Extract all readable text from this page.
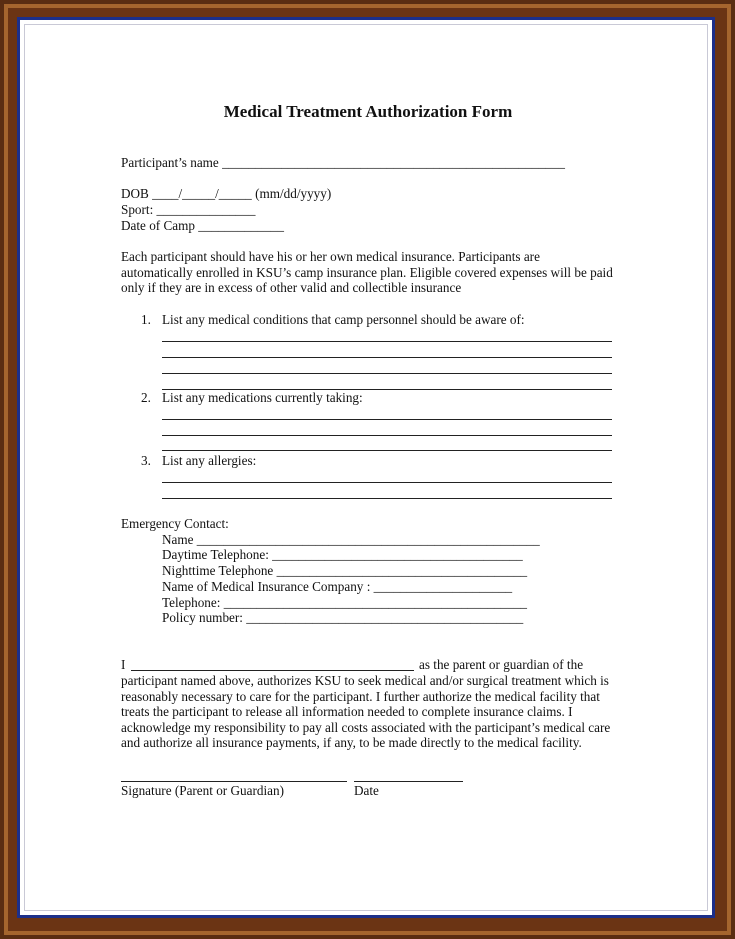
Medical Treatment Authorization Form
Participant’s name ____________________________________________________
DOB ____/_____/_____ (mm/dd/yyyy)
Sport: _______________
Date of Camp _____________
Each participant should have his or her own medical insurance. Participants are automatically enrolled in KSU’s camp insurance plan. Eligible covered expenses will be paid only if they are in excess of other valid and collectible insurance
1. List any medical conditions that camp personnel should be aware of:
2. List any medications currently taking:
3. List any allergies:
Emergency Contact:
Name ____________________________________________________
Daytime Telephone: ______________________________________
Nighttime Telephone ______________________________________
Name of Medical Insurance Company : _____________________
Telephone: ______________________________________________
Policy number: __________________________________________
I	as the parent or guardian of the
participant named above, authorizes KSU to seek medical and/or surgical treatment which is reasonably necessary to care for the participant. I further authorize the medical facility that treats the participant to release all information needed to complete insurance claims. I acknowledge my responsibility to pay all costs associated with the participant’s medical care and authorize all insurance payments, if any, to be made directly to the medical facility.
Signature (Parent or Guardian)	Date
